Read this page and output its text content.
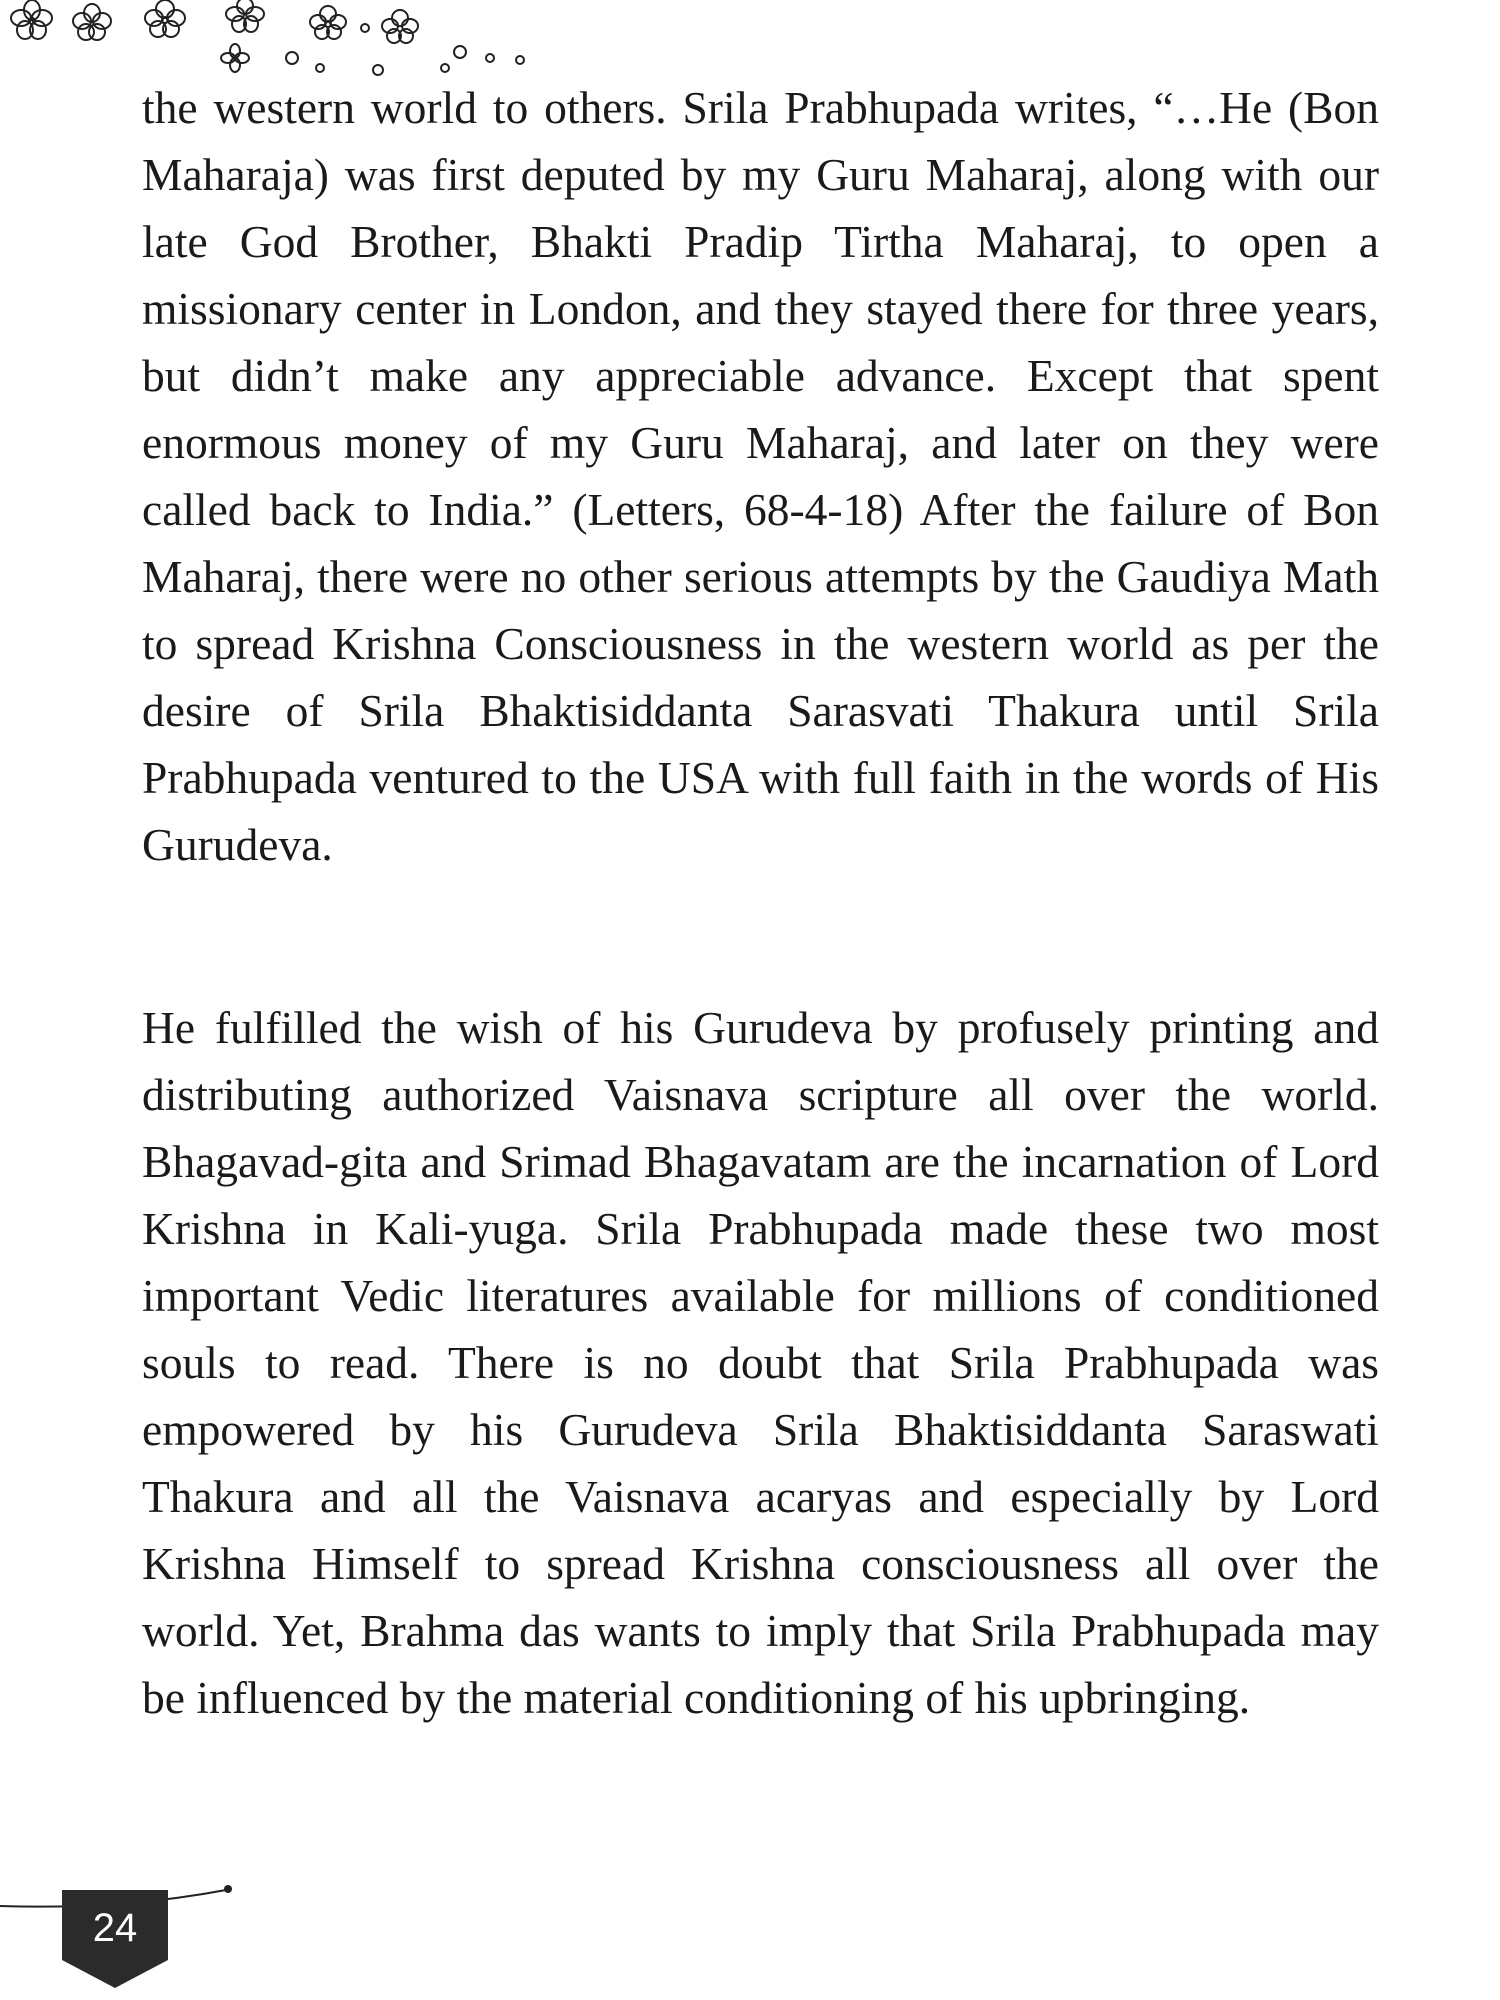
the western world to others. Srila Prabhupada writes, “…He (Bon Maharaja) was first deputed by my Guru Maharaj, along with our late God Brother, Bhakti Pradip Tirtha Maharaj, to open a missionary center in London, and they stayed there for three years, but didn’t make any appreciable advance. Except that spent enormous money of my Guru Maharaj, and later on they were called back to India.” (Letters, 68-4-18) After the failure of Bon Maharaj, there were no other serious attempts by the Gaudiya Math to spread Krishna Consciousness in the western world as per the desire of Srila Bhaktisiddanta Sarasvati Thakura until Srila Prabhupada ventured to the USA with full faith in the words of His Gurudeva.

He fulfilled the wish of his Gurudeva by profusely printing and distributing authorized Vaisnava scripture all over the world. Bhagavad-gita and Srimad Bhagavatam are the incarnation of Lord Krishna in Kali-yuga. Srila Prabhupada made these two most important Vedic literatures available for millions of conditioned souls to read. There is no doubt that Srila Prabhupada was empowered by his Gurudeva Srila Bhaktisiddanta Saraswati Thakura and all the Vaisnava acaryas and especially by Lord Krishna Himself to spread Krishna consciousness all over the world. Yet, Brahma das wants to imply that Srila Prabhupada may be influenced by the material conditioning of his upbringing.

24
